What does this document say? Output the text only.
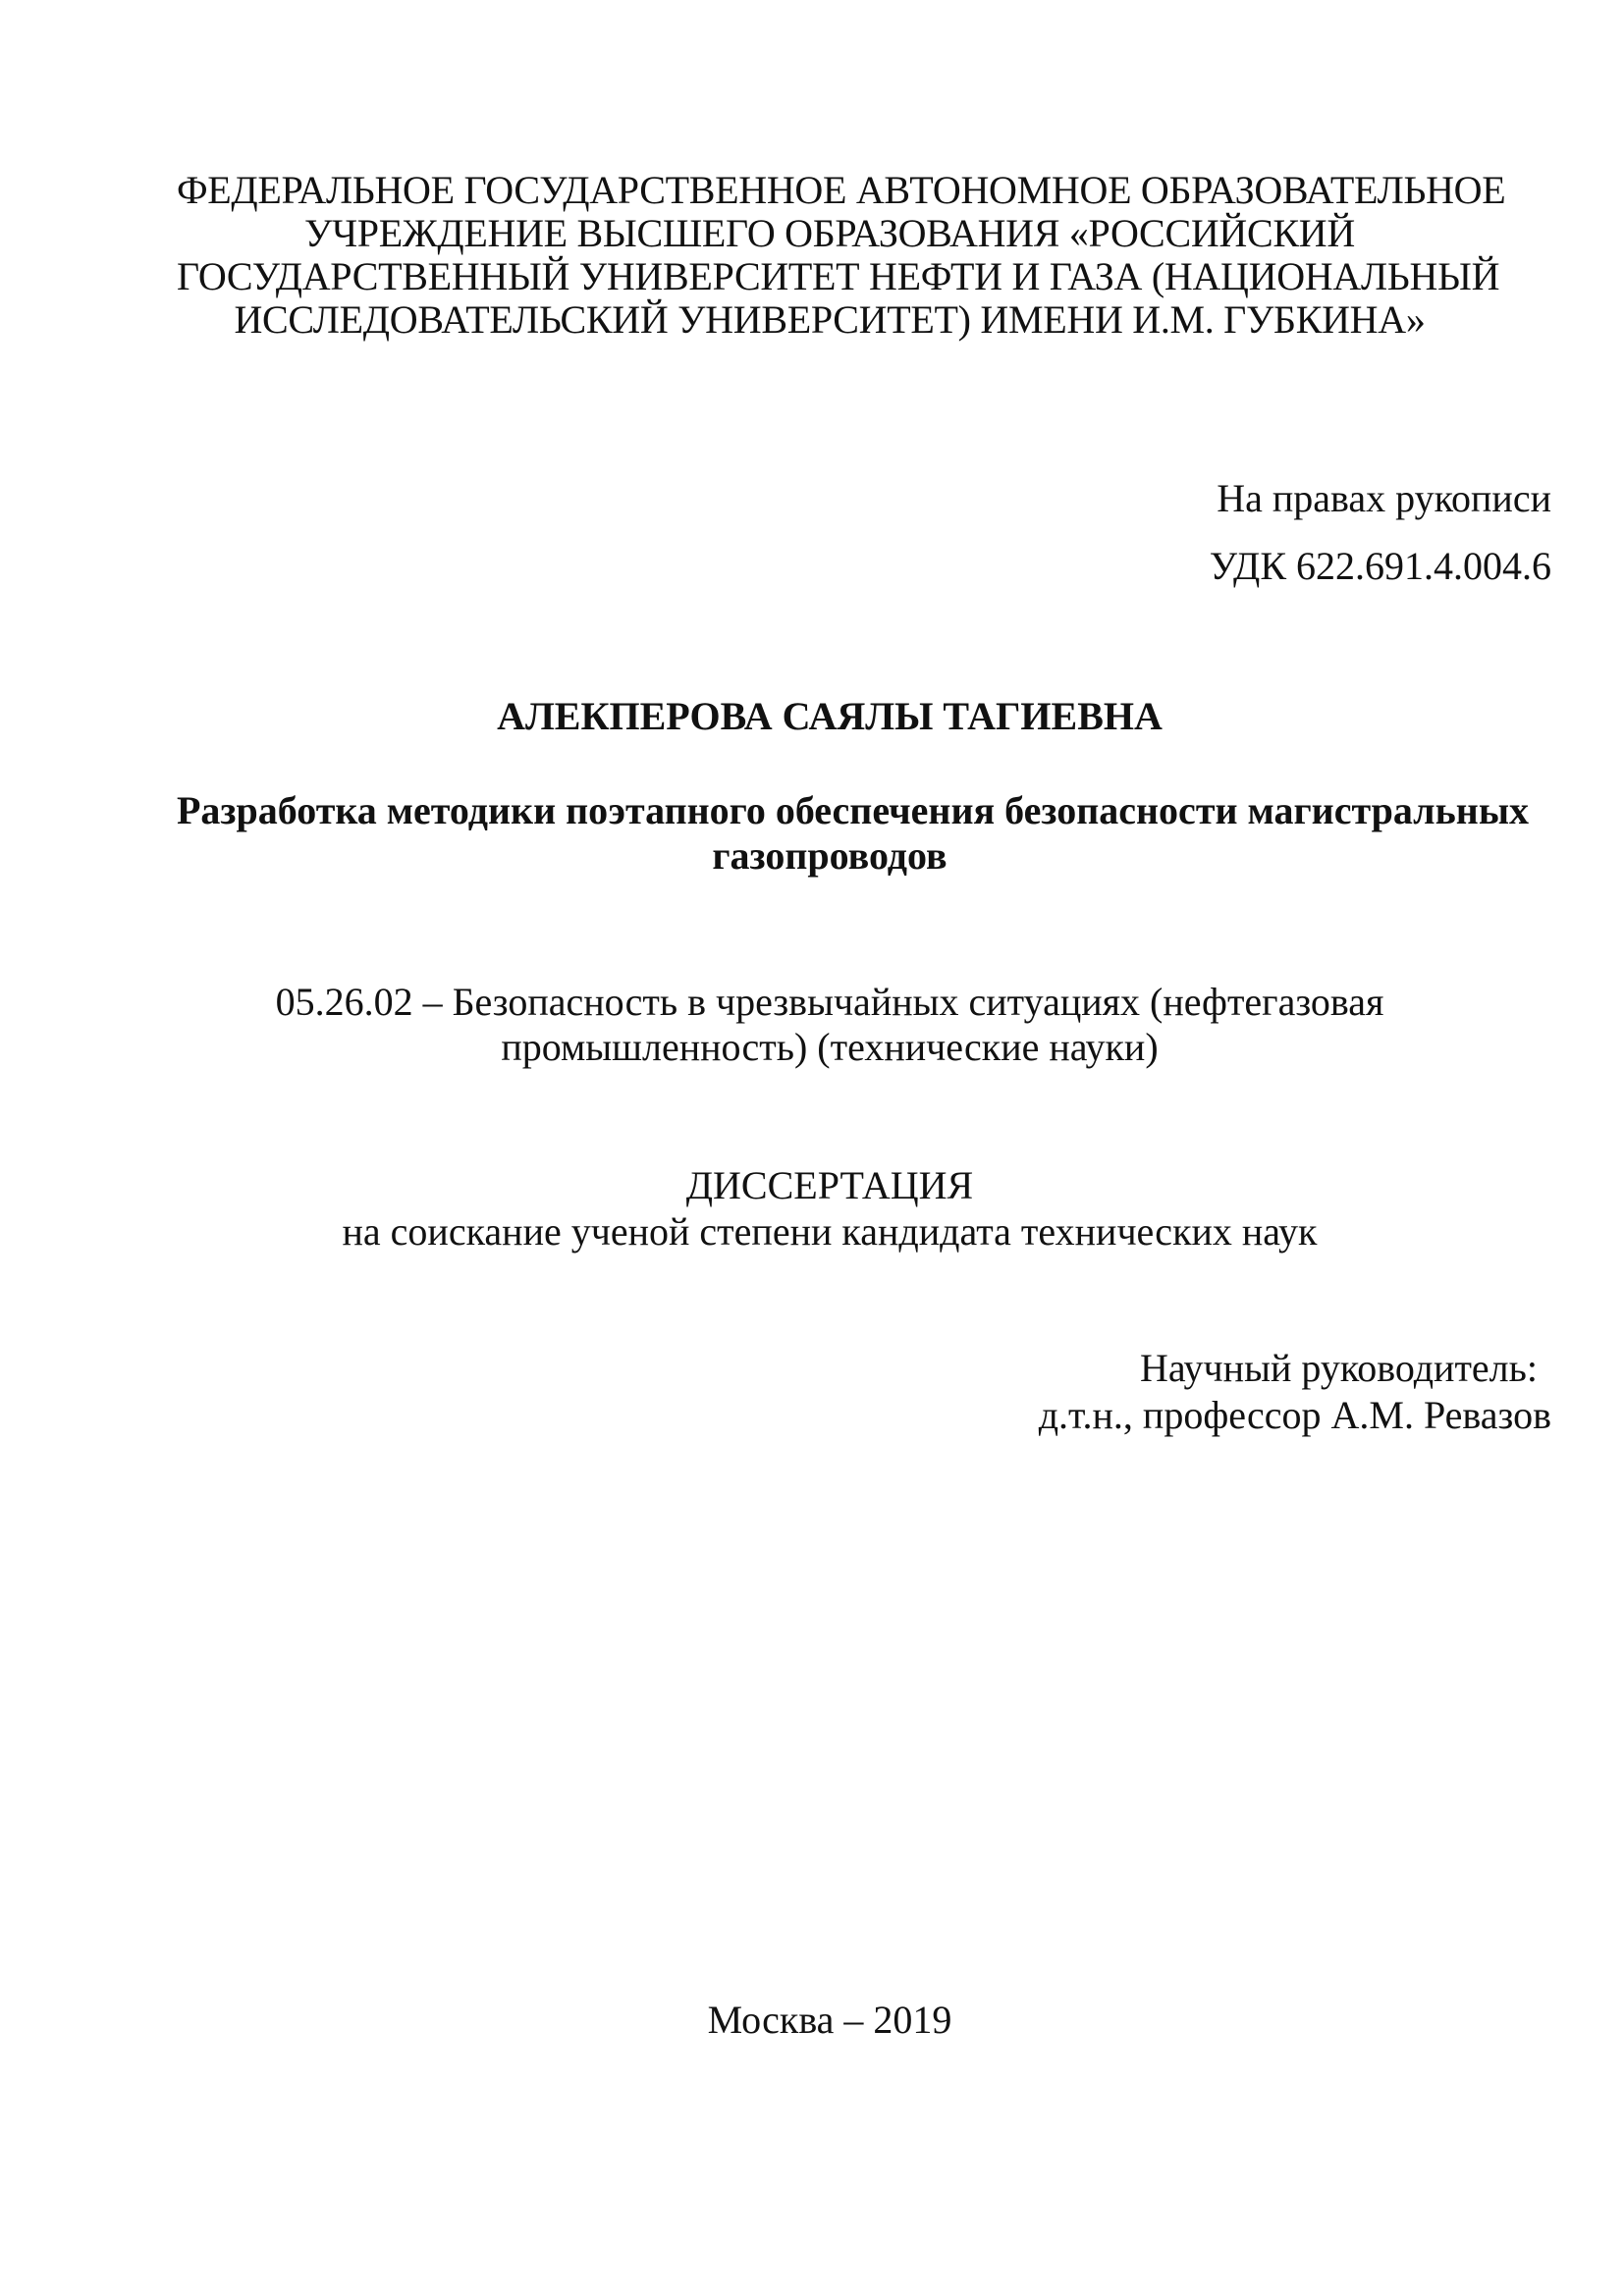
ФЕДЕРАЛЬНОЕ ГОСУДАРСТВЕННОЕ АВТОНОМНОЕ ОБРАЗОВАТЕЛЬНОЕ
УЧРЕЖДЕНИЕ ВЫСШЕГО ОБРАЗОВАНИЯ «РОССИЙСКИЙ
ГОСУДАРСТВЕННЫЙ УНИВЕРСИТЕТ НЕФТИ И ГАЗА (НАЦИОНАЛЬНЫЙ
ИССЛЕДОВАТЕЛЬСКИЙ УНИВЕРСИТЕТ) ИМЕНИ И.М. ГУБКИНА»
На правах рукописи
УДК 622.691.4.004.6
АЛЕКПЕРОВА САЯЛЫ ТАГИЕВНА
Разработка методики поэтапного обеспечения безопасности магистральных
газопроводов
05.26.02 – Безопасность в чрезвычайных ситуациях (нефтегазовая
промышленность) (технические науки)
ДИССЕРТАЦИЯ
на соискание ученой степени кандидата технических наук
Научный руководитель:
д.т.н., профессор А.М. Ревазов
Москва – 2019
